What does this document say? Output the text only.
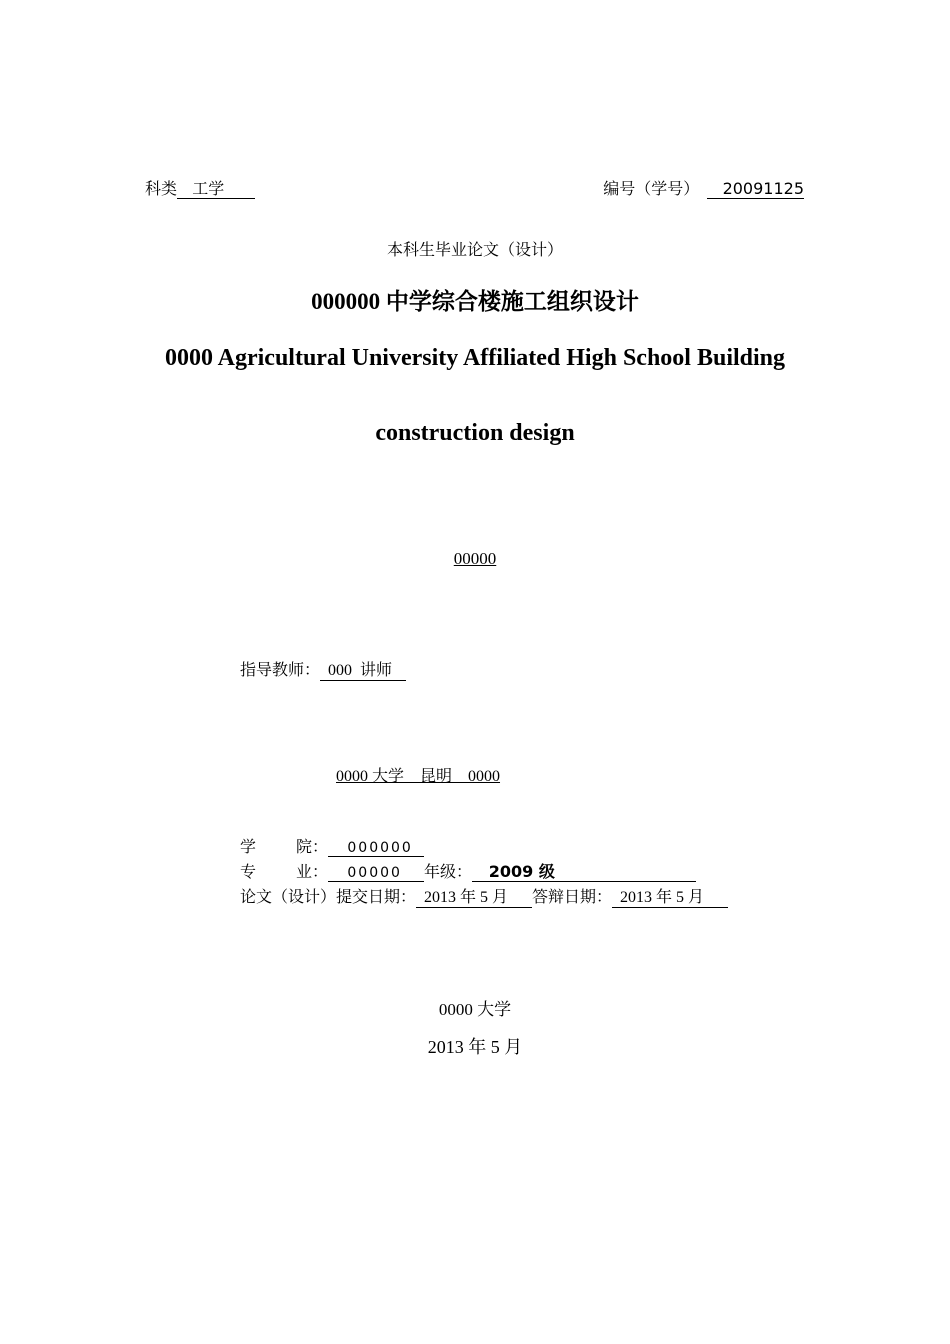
科类 工学	编号（学号） 20091125
本科生毕业论文（设计）
000000 中学综合楼施工组织设计
0000 Agricultural University Affiliated High School Building
construction design
00000
指导教师： 000  讲师
0000 大学    昆明    0000
学	院： 000000
专	业： 00000 年级： 2009 级
论文（设计）提交日期： 2013 年 5 月 答辩日期： 2013 年 5 月
0000 大学
2013 年 5 月
